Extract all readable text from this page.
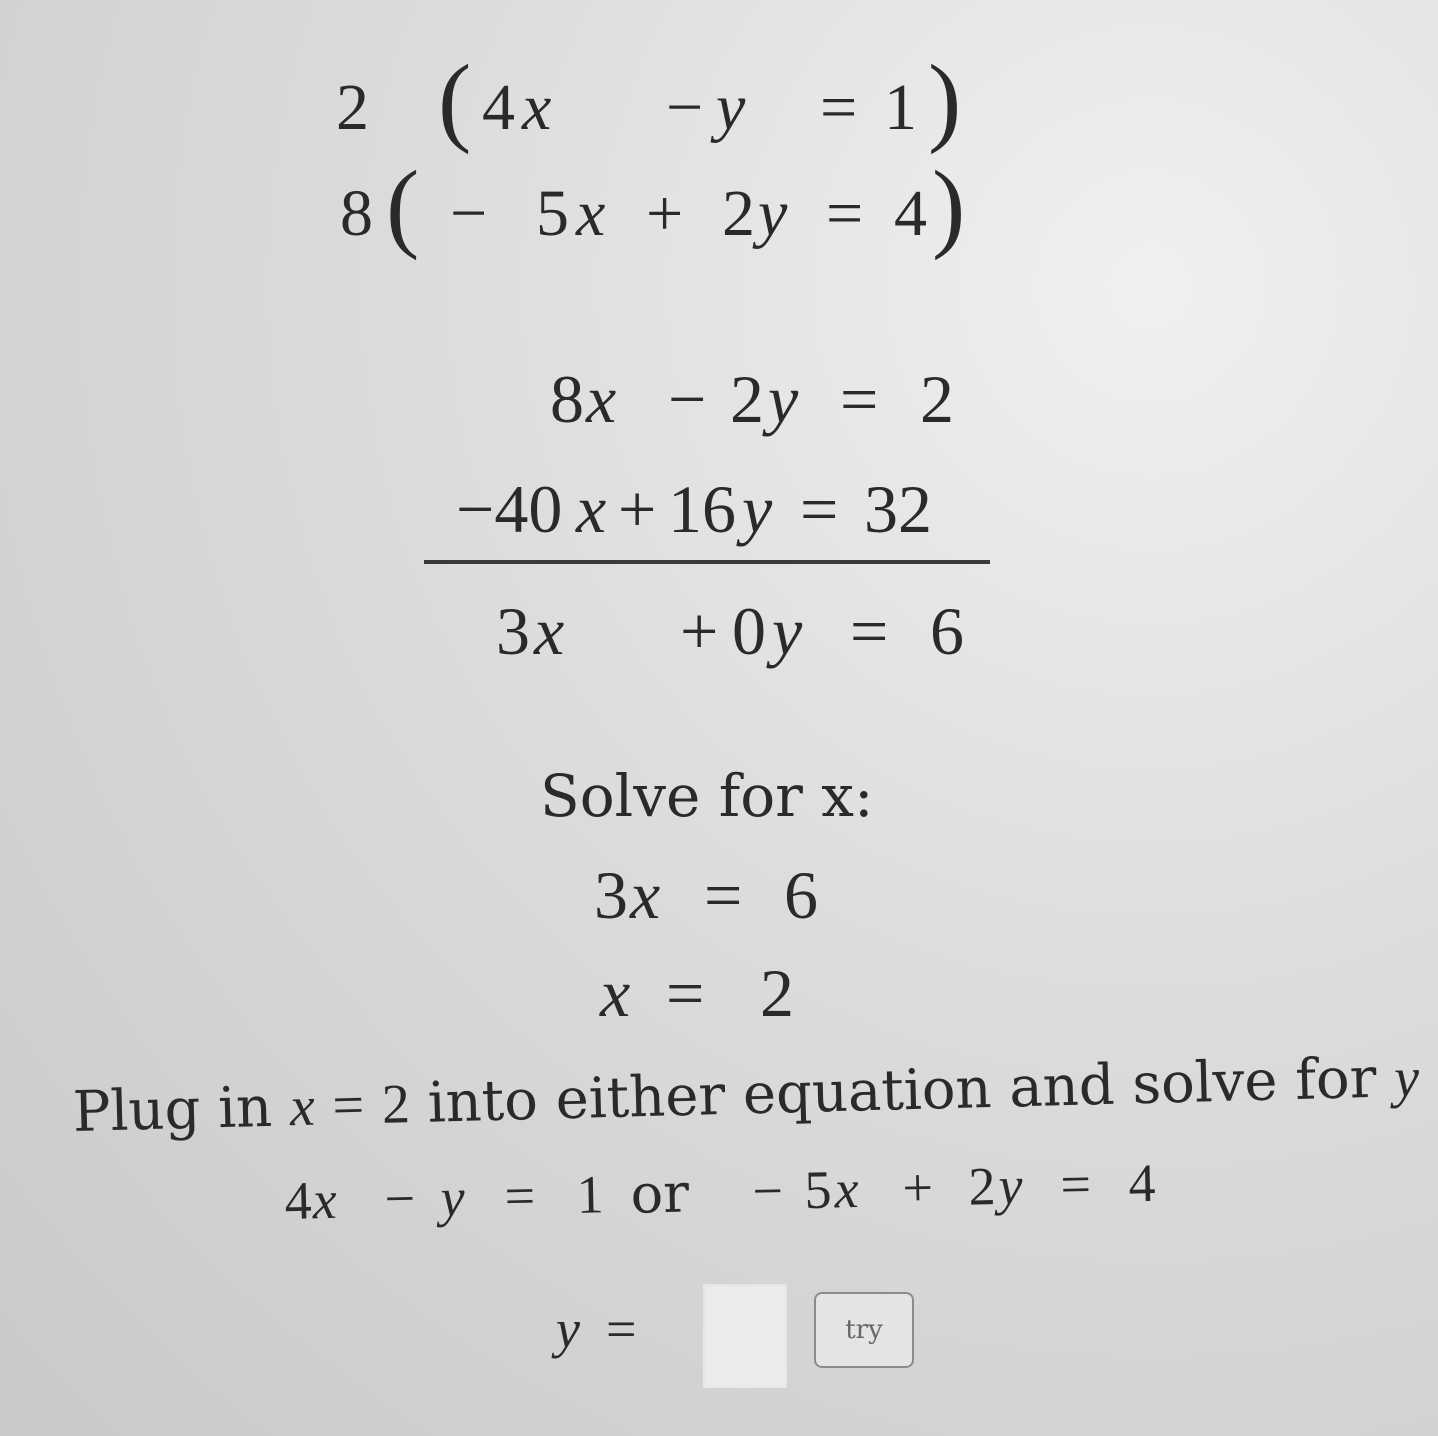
2 ( 4 x − y = 1 )
8 ( − 5 x + 2 y = 4 )
8 x − 2 y = 2
−40 x + 16 y = 32
3 x + 0 y = 6
Solve for x:
3 x = 6
x = 2
Plug in x = 2 into either equation and solve for y
4 x − y = 1 or − 5 x + 2 y = 4
y =	try
